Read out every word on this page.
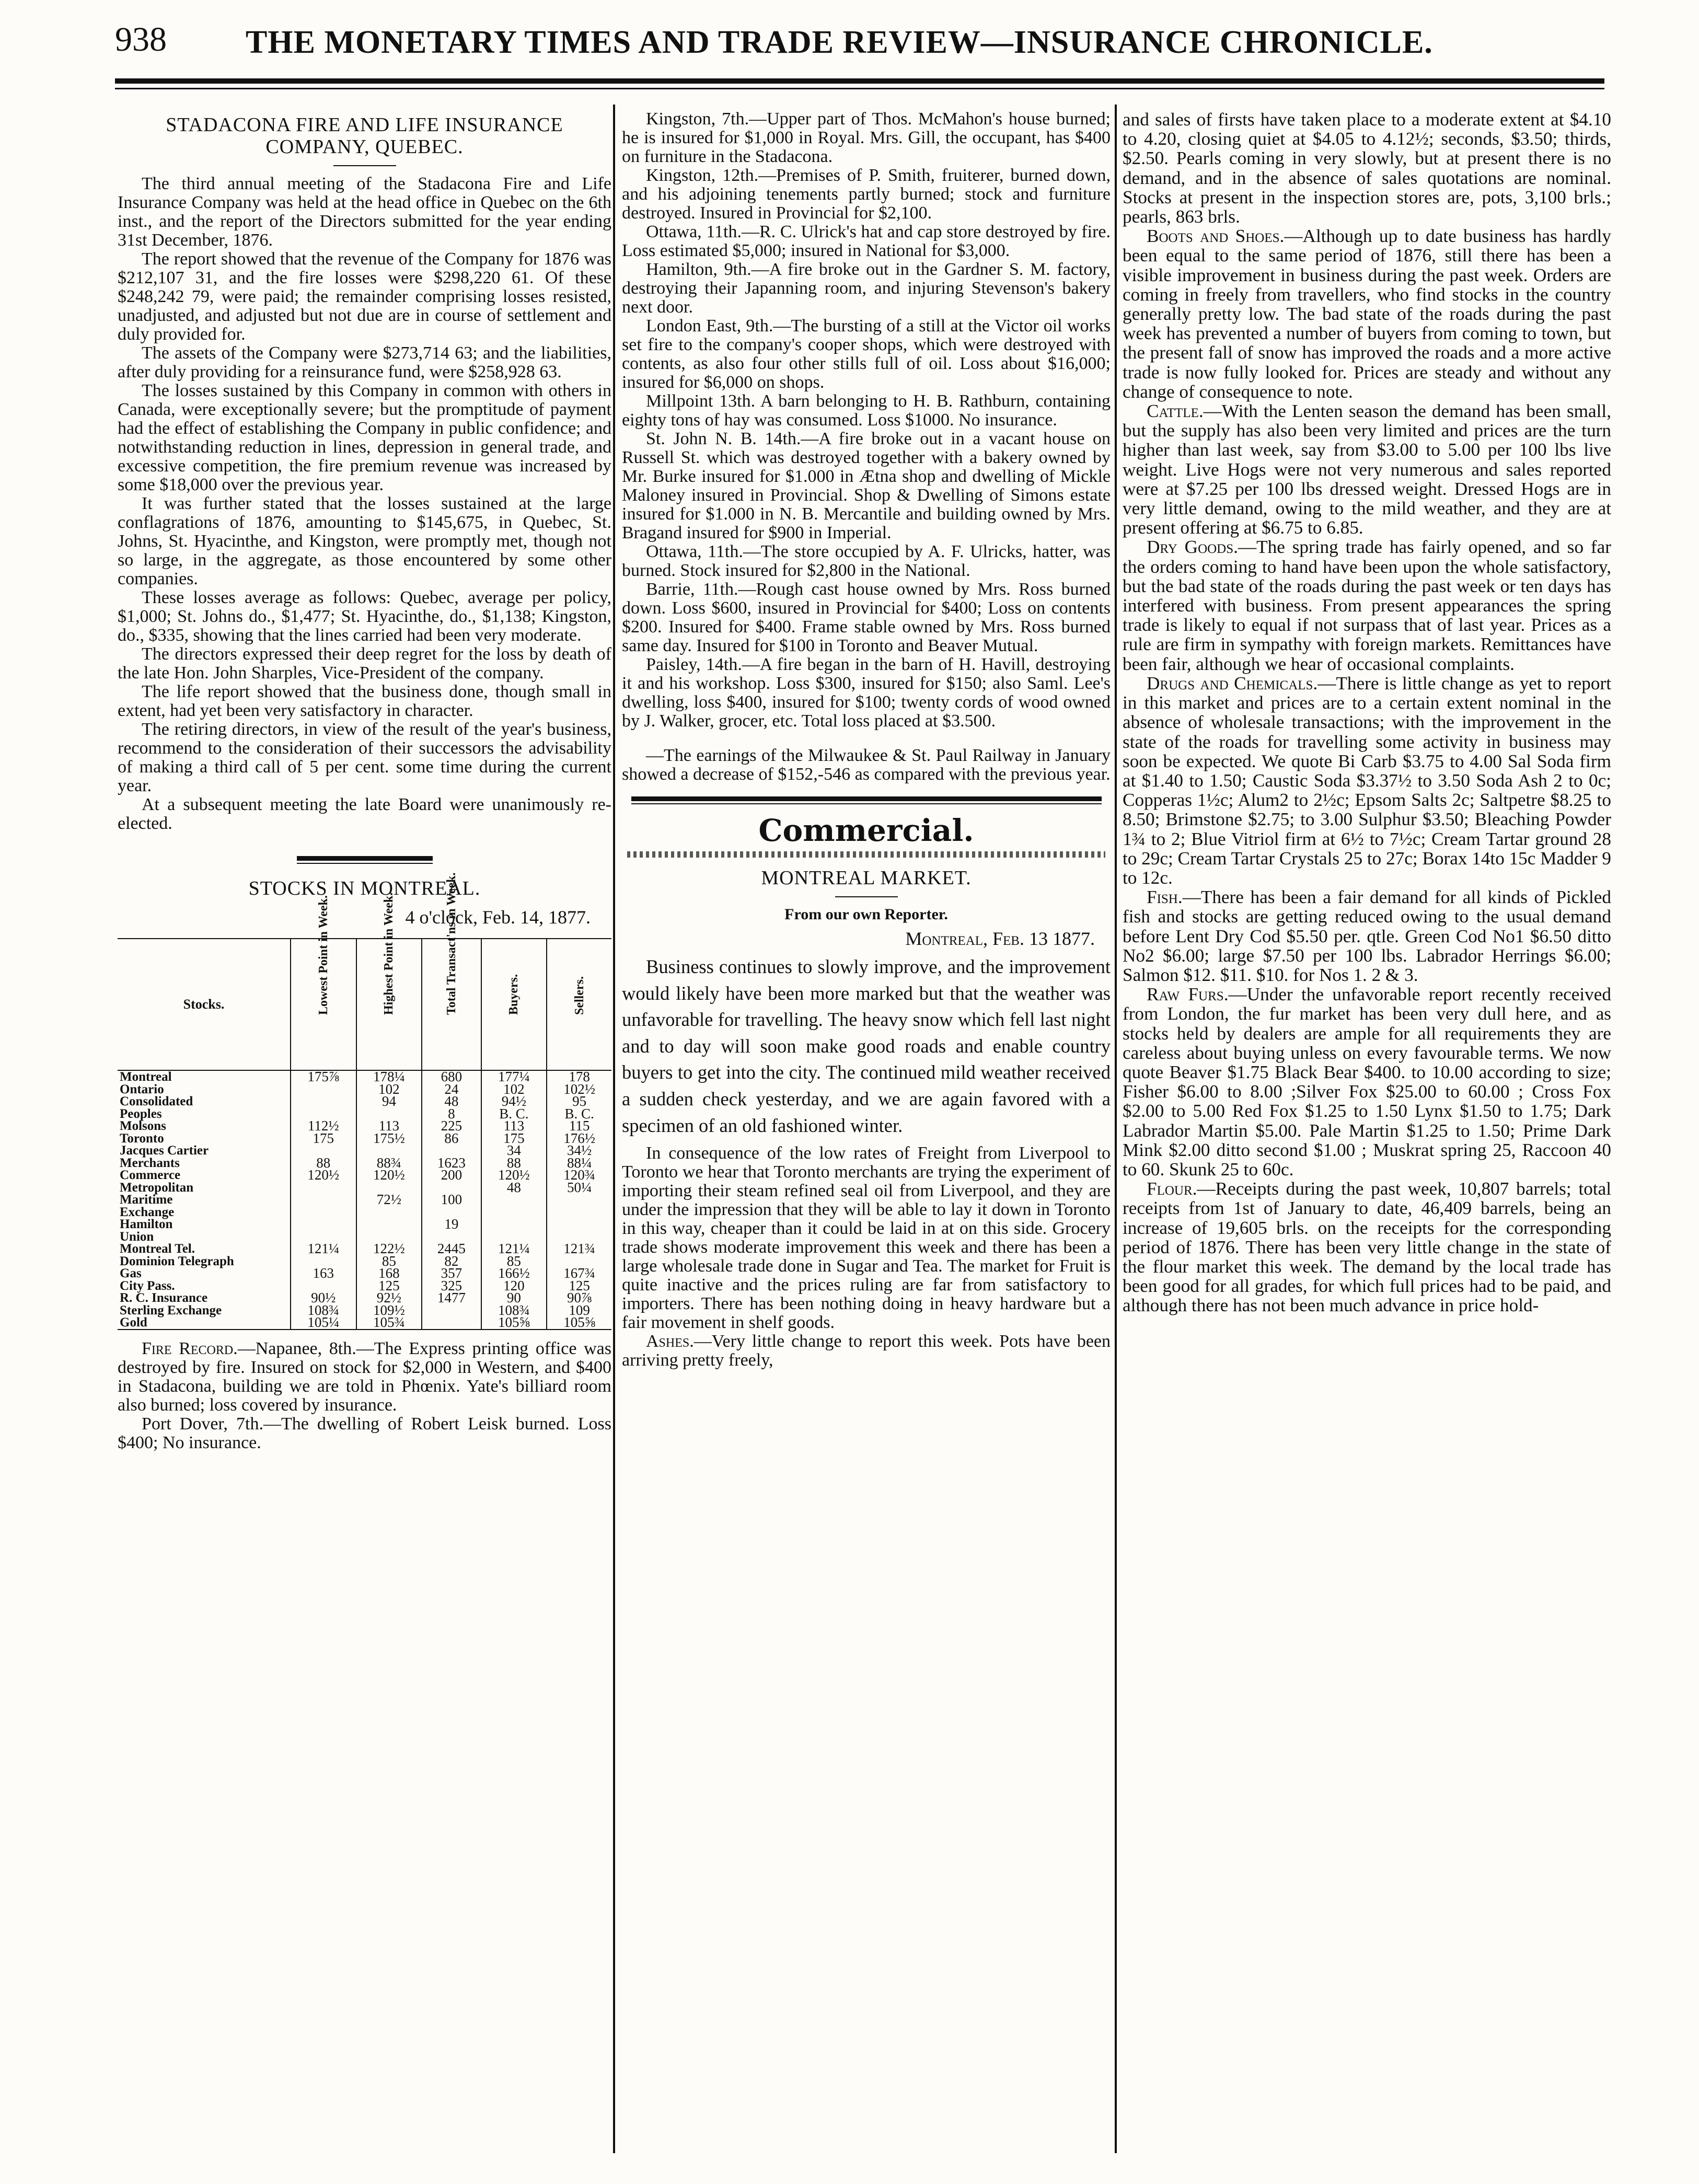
938 THE MONETARY TIMES AND TRADE REVIEW—INSURANCE CHRONICLE.

STADACONA FIRE AND LIFE INSURANCE COMPANY, QUEBEC.

The third annual meeting of the Stadacona Fire and Life Insurance Company was held at the head office in Quebec on the 6th inst., and the report of the Directors submitted for the year ending 31st December, 1876.

The report showed that the revenue of the Company for 1876 was $212,107 31, and the fire losses were $298,220 61. Of these $248,242 79, were paid; the remainder comprising losses resisted, unadjusted, and adjusted but not due are in course of settlement and duly provided for.

The assets of the Company were $273,714 63; and the liabilities, after duly providing for a reinsurance fund, were $258,928 63.

The losses sustained by this Company in common with others in Canada, were exceptionally severe; but the promptitude of payment had the effect of establishing the Company in public confidence; and notwithstanding reduction in lines, depression in general trade, and excessive competition, the fire premium revenue was increased by some $18,000 over the previous year.

It was further stated that the losses sustained at the large conflagrations of 1876, amounting to $145,675, in Quebec, St. Johns, St. Hyacinthe, and Kingston, were promptly met, though not so large, in the aggregate, as those encountered by some other companies.

These losses average as follows: Quebec, average per policy, $1,000; St. Johns do., $1,477; St. Hyacinthe, do., $1,138; Kingston, do., $335, showing that the lines carried had been very moderate.

The directors expressed their deep regret for the loss by death of the late Hon. John Sharples, Vice-President of the company.

The life report showed that the business done, though small in extent, had yet been very satisfactory in character.

The retiring directors, in view of the result of the year's business, recommend to the consideration of their successors the advisability of making a third call of 5 per cent. some time during the current year.

At a subsequent meeting the late Board were unanimously re-elected.

STOCKS IN MONTREAL.

4 o'clock, Feb. 14, 1877.

Stocks.	Lowest Point in Week.	Highest Point in Week.	Total Transact'ns in Week.	Buyers.	Sellers.
Montreal	175⅞	178¼	680	177¼	178
Ontario		102	24	102	102½
Consolidated		94	48	94½	95
Peoples			8	B. C.	B. C.
Molsons	112½	113	225	113	115
Toronto	175	175½	86	175	176½
Jacques Cartier				34	34½
Merchants	88	88¾	1623	88	88¼
Commerce	120½	120½	200	120½	120¾
Metropolitan				48	50¼
Maritime		72½	100		
Exchange					
Hamilton			19		
Union					
Montreal Tel.	121¼	122½	2445	121¼	121¾
Dominion Telegraph		85	82	85	
Gas	163	168	357	166½	167¾
City Pass.		125	325	120	125
R. C. Insurance	90½	92½	1477	90	90⅞
Sterling Exchange	108¾	109½		108¾	109
Gold	105¼	105¾		105⅝	105⅝

Fire Record.—Napanee, 8th.—The Express printing office was destroyed by fire. Insured on stock for $2,000 in Western, and $400 in Stadacona, building we are told in Phœnix. Yate's billiard room also burned; loss covered by insurance.

Port Dover, 7th.—The dwelling of Robert Leisk burned. Loss $400; No insurance.

Kingston, 7th.—Upper part of Thos. McMahon's house burned; he is insured for $1,000 in Royal. Mrs. Gill, the occupant, has $400 on furniture in the Stadacona.

Kingston, 12th.—Premises of P. Smith, fruiterer, burned down, and his adjoining tenements partly burned; stock and furniture destroyed. Insured in Provincial for $2,100.

Ottawa, 11th.—R. C. Ulrick's hat and cap store destroyed by fire. Loss estimated $5,000; insured in National for $3,000.

Hamilton, 9th.—A fire broke out in the Gardner S. M. factory, destroying their Japanning room, and injuring Stevenson's bakery next door.

London East, 9th.—The bursting of a still at the Victor oil works set fire to the company's cooper shops, which were destroyed with contents, as also four other stills full of oil. Loss about $16,000; insured for $6,000 on shops.

Millpoint 13th. A barn belonging to H. B. Rathburn, containing eighty tons of hay was consumed. Loss $1000. No insurance.

St. John N. B. 14th.—A fire broke out in a vacant house on Russell St. which was destroyed together with a bakery owned by Mr. Burke insured for $1.000 in Ætna shop and dwelling of Mickle Maloney insured in Provincial. Shop & Dwelling of Simons estate insured for $1.000 in N. B. Mercantile and building owned by Mrs. Bragand insured for $900 in Imperial.

Ottawa, 11th.—The store occupied by A. F. Ulricks, hatter, was burned. Stock insured for $2,800 in the National.

Barrie, 11th.—Rough cast house owned by Mrs. Ross burned down. Loss $600, insured in Provincial for $400; Loss on contents $200. Insured for $400. Frame stable owned by Mrs. Ross burned same day. Insured for $100 in Toronto and Beaver Mutual.

Paisley, 14th.—A fire began in the barn of H. Havill, destroying it and his workshop. Loss $300, insured for $150; also Saml. Lee's dwelling, loss $400, insured for $100; twenty cords of wood owned by J. Walker, grocer, etc. Total loss placed at $3.500.

—The earnings of the Milwaukee & St. Paul Railway in January showed a decrease of $152,-546 as compared with the previous year.

Commercial.

MONTREAL MARKET.

From our own Reporter.
Montreal, Feb. 13 1877.

Business continues to slowly improve, and the improvement would likely have been more marked but that the weather was unfavorable for travelling. The heavy snow which fell last night and to day will soon make good roads and enable country buyers to get into the city. The continued mild weather received a sudden check yesterday, and we are again favored with a specimen of an old fashioned winter.

In consequence of the low rates of Freight from Liverpool to Toronto we hear that Toronto merchants are trying the experiment of importing their steam refined seal oil from Liverpool, and they are under the impression that they will be able to lay it down in Toronto in this way, cheaper than it could be laid in at on this side. Grocery trade shows moderate improvement this week and there has been a large wholesale trade done in Sugar and Tea. The market for Fruit is quite inactive and the prices ruling are far from satisfactory to importers. There has been nothing doing in heavy hardware but a fair movement in shelf goods.

Ashes.—Very little change to report this week. Pots have been arriving pretty freely,

and sales of firsts have taken place to a moderate extent at $4.10 to 4.20, closing quiet at $4.05 to 4.12½; seconds, $3.50; thirds, $2.50. Pearls coming in very slowly, but at present there is no demand, and in the absence of sales quotations are nominal. Stocks at present in the inspection stores are, pots, 3,100 brls.; pearls, 863 brls.

Boots and Shoes.—Although up to date business has hardly been equal to the same period of 1876, still there has been a visible improvement in business during the past week. Orders are coming in freely from travellers, who find stocks in the country generally pretty low. The bad state of the roads during the past week has prevented a number of buyers from coming to town, but the present fall of snow has improved the roads and a more active trade is now fully looked for. Prices are steady and without any change of consequence to note.

Cattle.—With the Lenten season the demand has been small, but the supply has also been very limited and prices are the turn higher than last week, say from $3.00 to 5.00 per 100 lbs live weight. Live Hogs were not very numerous and sales reported were at $7.25 per 100 lbs dressed weight. Dressed Hogs are in very little demand, owing to the mild weather, and they are at present offering at $6.75 to 6.85.

Dry Goods.—The spring trade has fairly opened, and so far the orders coming to hand have been upon the whole satisfactory, but the bad state of the roads during the past week or ten days has interfered with business. From present appearances the spring trade is likely to equal if not surpass that of last year. Prices as a rule are firm in sympathy with foreign markets. Remittances have been fair, although we hear of occasional complaints.

Drugs and Chemicals.—There is little change as yet to report in this market and prices are to a certain extent nominal in the absence of wholesale transactions; with the improvement in the state of the roads for travelling some activity in business may soon be expected. We quote Bi Carb $3.75 to 4.00 Sal Soda firm at $1.40 to 1.50; Caustic Soda $3.37½ to 3.50 Soda Ash 2 to 0c; Copperas 1½c; Alum2 to 2½c; Epsom Salts 2c; Saltpetre $8.25 to 8.50; Brimstone $2.75; to 3.00 Sulphur $3.50; Bleaching Powder 1¾ to 2; Blue Vitriol firm at 6½ to 7½c; Cream Tartar ground 28 to 29c; Cream Tartar Crystals 25 to 27c; Borax 14to 15c Madder 9 to 12c.

Fish.—There has been a fair demand for all kinds of Pickled fish and stocks are getting reduced owing to the usual demand before Lent Dry Cod $5.50 per. qtle. Green Cod No1 $6.50 ditto No2 $6.00; large $7.50 per 100 lbs. Labrador Herrings $6.00; Salmon $12. $11. $10. for Nos 1. 2 & 3.

Raw Furs.—Under the unfavorable report recently received from London, the fur market has been very dull here, and as stocks held by dealers are ample for all requirements they are careless about buying unless on every favourable terms. We now quote Beaver $1.75 Black Bear $400. to 10.00 according to size; Fisher $6.00 to 8.00 ;Silver Fox $25.00 to 60.00 ; Cross Fox $2.00 to 5.00 Red Fox $1.25 to 1.50 Lynx $1.50 to 1.75; Dark Labrador Martin $5.00. Pale Martin $1.25 to 1.50; Prime Dark Mink $2.00 ditto second $1.00 ; Muskrat spring 25, Raccoon 40 to 60. Skunk 25 to 60c.

Flour.—Receipts during the past week, 10,807 barrels; total receipts from 1st of January to date, 46,409 barrels, being an increase of 19,605 brls. on the receipts for the corresponding period of 1876. There has been very little change in the state of the flour market this week. The demand by the local trade has been good for all grades, for which full prices had to be paid, and although there has not been much advance in price hold-
